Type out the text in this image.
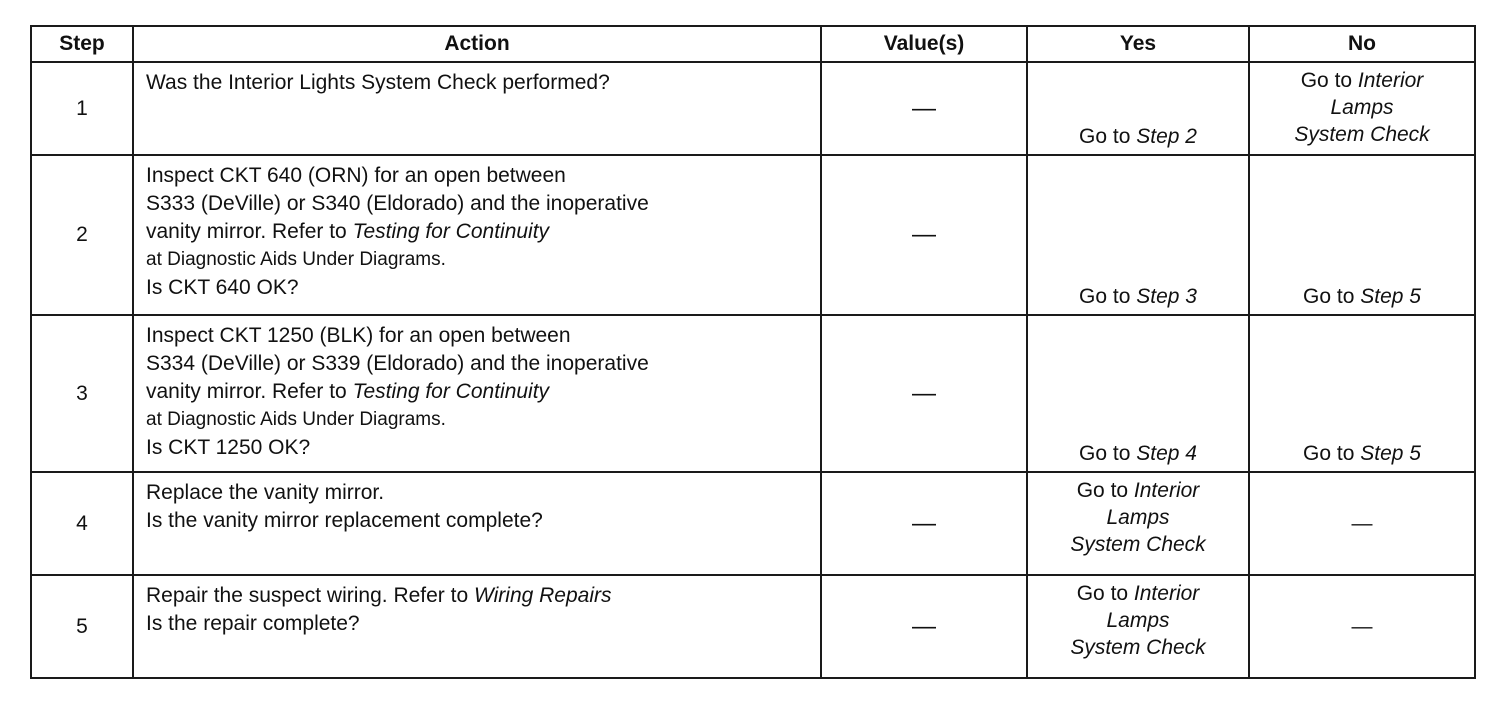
Step	Action	Value(s)	Yes	No
1	Was the Interior Lights System Check performed?	—	Go to Step 2	Go to Interior
Lamps
System Check

2	Inspect CKT 640 (ORN) for an open between
S333 (DeVille) or S340 (Eldorado) and the inoperative
vanity mirror. Refer to Testing for Continuity
at Diagnostic Aids Under Diagrams.
Is CKT 640 OK?	—	Go to Step 3	Go to Step 5

3	Inspect CKT 1250 (BLK) for an open between
S334 (DeVille) or S339 (Eldorado) and the inoperative
vanity mirror. Refer to Testing for Continuity
at Diagnostic Aids Under Diagrams.
Is CKT 1250 OK?	—	Go to Step 4	Go to Step 5

4	Replace the vanity mirror.
Is the vanity mirror replacement complete?	—	Go to Interior
Lamps
System Check	—

5	Repair the suspect wiring. Refer to Wiring Repairs
Is the repair complete?	—	Go to Interior
Lamps
System Check	—
